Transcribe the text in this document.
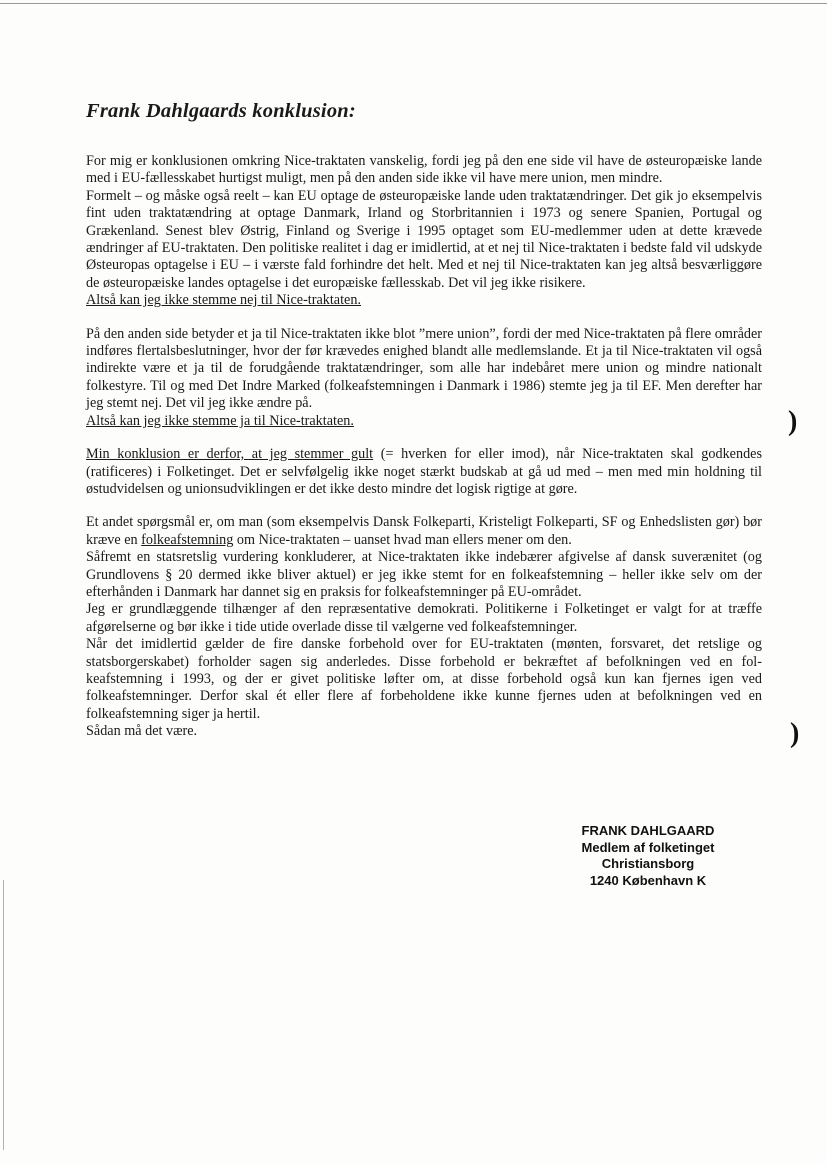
Frank Dahlgaards konklusion:

For mig er konklusionen omkring Nice-traktaten vanskelig, fordi jeg på den ene side vil have de østeuropæiske lande med i EU-fællesskabet hurtigst muligt, men på den anden side ikke vil have mere union, men mindre.

Formelt – og måske også reelt – kan EU optage de østeuropæiske lande uden traktatændringer. Det gik jo eksempelvis fint uden traktatændring at optage Danmark, Irland og Storbritannien i 1973 og senere Spanien, Portugal og Grækenland. Senest blev Østrig, Finland og Sverige i 1995 optaget som EU-medlemmer uden at dette krævede ændringer af EU-traktaten. Den politiske realitet i dag er imidlertid, at et nej til Nice-traktaten i bedste fald vil udskyde Østeuropas optagelse i EU – i værste fald forhindre det helt. Med et nej til Nice-traktaten kan jeg altså besværliggøre de østeuropæiske landes optagelse i det europæiske fællesskab. Det vil jeg ikke risikere.

Altså kan jeg ikke stemme nej til Nice-traktaten.

På den anden side betyder et ja til Nice-traktaten ikke blot ”mere union”, fordi der med Nice-traktaten på flere områder indføres flertalsbeslutninger, hvor der før krævedes enighed blandt alle medlemslande. Et ja til Nice-traktaten vil også indirekte være et ja til de forudgående traktatændringer, som alle har indebåret mere union og mindre nationalt folkestyre. Til og med Det Indre Marked (folkeafstemningen i Danmark i 1986) stemte jeg ja til EF. Men derefter har jeg stemt nej. Det vil jeg ikke ændre på.

Altså kan jeg ikke stemme ja til Nice-traktaten.

Min konklusion er derfor, at jeg stemmer gult (= hverken for eller imod), når Nice-traktaten skal godkendes (ratificeres) i Folketinget. Det er selvfølgelig ikke noget stærkt budskab at gå ud med – men med min holdning til østudvidelsen og unionsudviklingen er det ikke desto mindre det logisk rigtige at gøre.

Et andet spørgsmål er, om man (som eksempelvis Dansk Folkeparti, Kristeligt Folkeparti, SF og Enhedslisten gør) bør kræve en folkeafstemning om Nice-traktaten – uanset hvad man ellers mener om den.

Såfremt en statsretslig vurdering konkluderer, at Nice-traktaten ikke indebærer afgivelse af dansk suverænitet (og Grundlovens § 20 dermed ikke bliver aktuel) er jeg ikke stemt for en folkeafstemning – heller ikke selv om der efterhånden i Danmark har dannet sig en praksis for folkeafstemninger på EU-området.

Jeg er grundlæggende tilhænger af den repræsentative demokrati. Politikerne i Folketinget er valgt for at træffe afgørelserne og bør ikke i tide utide overlade disse til vælgerne ved folkeafstemninger.

Når det imidlertid gælder de fire danske forbehold over for EU-traktaten (mønten, forsvaret, det retslige og statsborgerskabet) forholder sagen sig anderledes. Disse forbehold er bekræftet af befolkningen ved en folkeafstemning i 1993, og der er givet politiske løfter om, at disse forbehold også kun kan fjernes igen ved folkeafstemninger. Derfor skal ét eller flere af forbeholdene ikke kunne fjernes uden at befolkningen ved en folkeafstemning siger ja hertil.

Sådan må det være.

FRANK DAHLGAARD
Medlem af folketinget
Christiansborg
1240 København K
)
)
